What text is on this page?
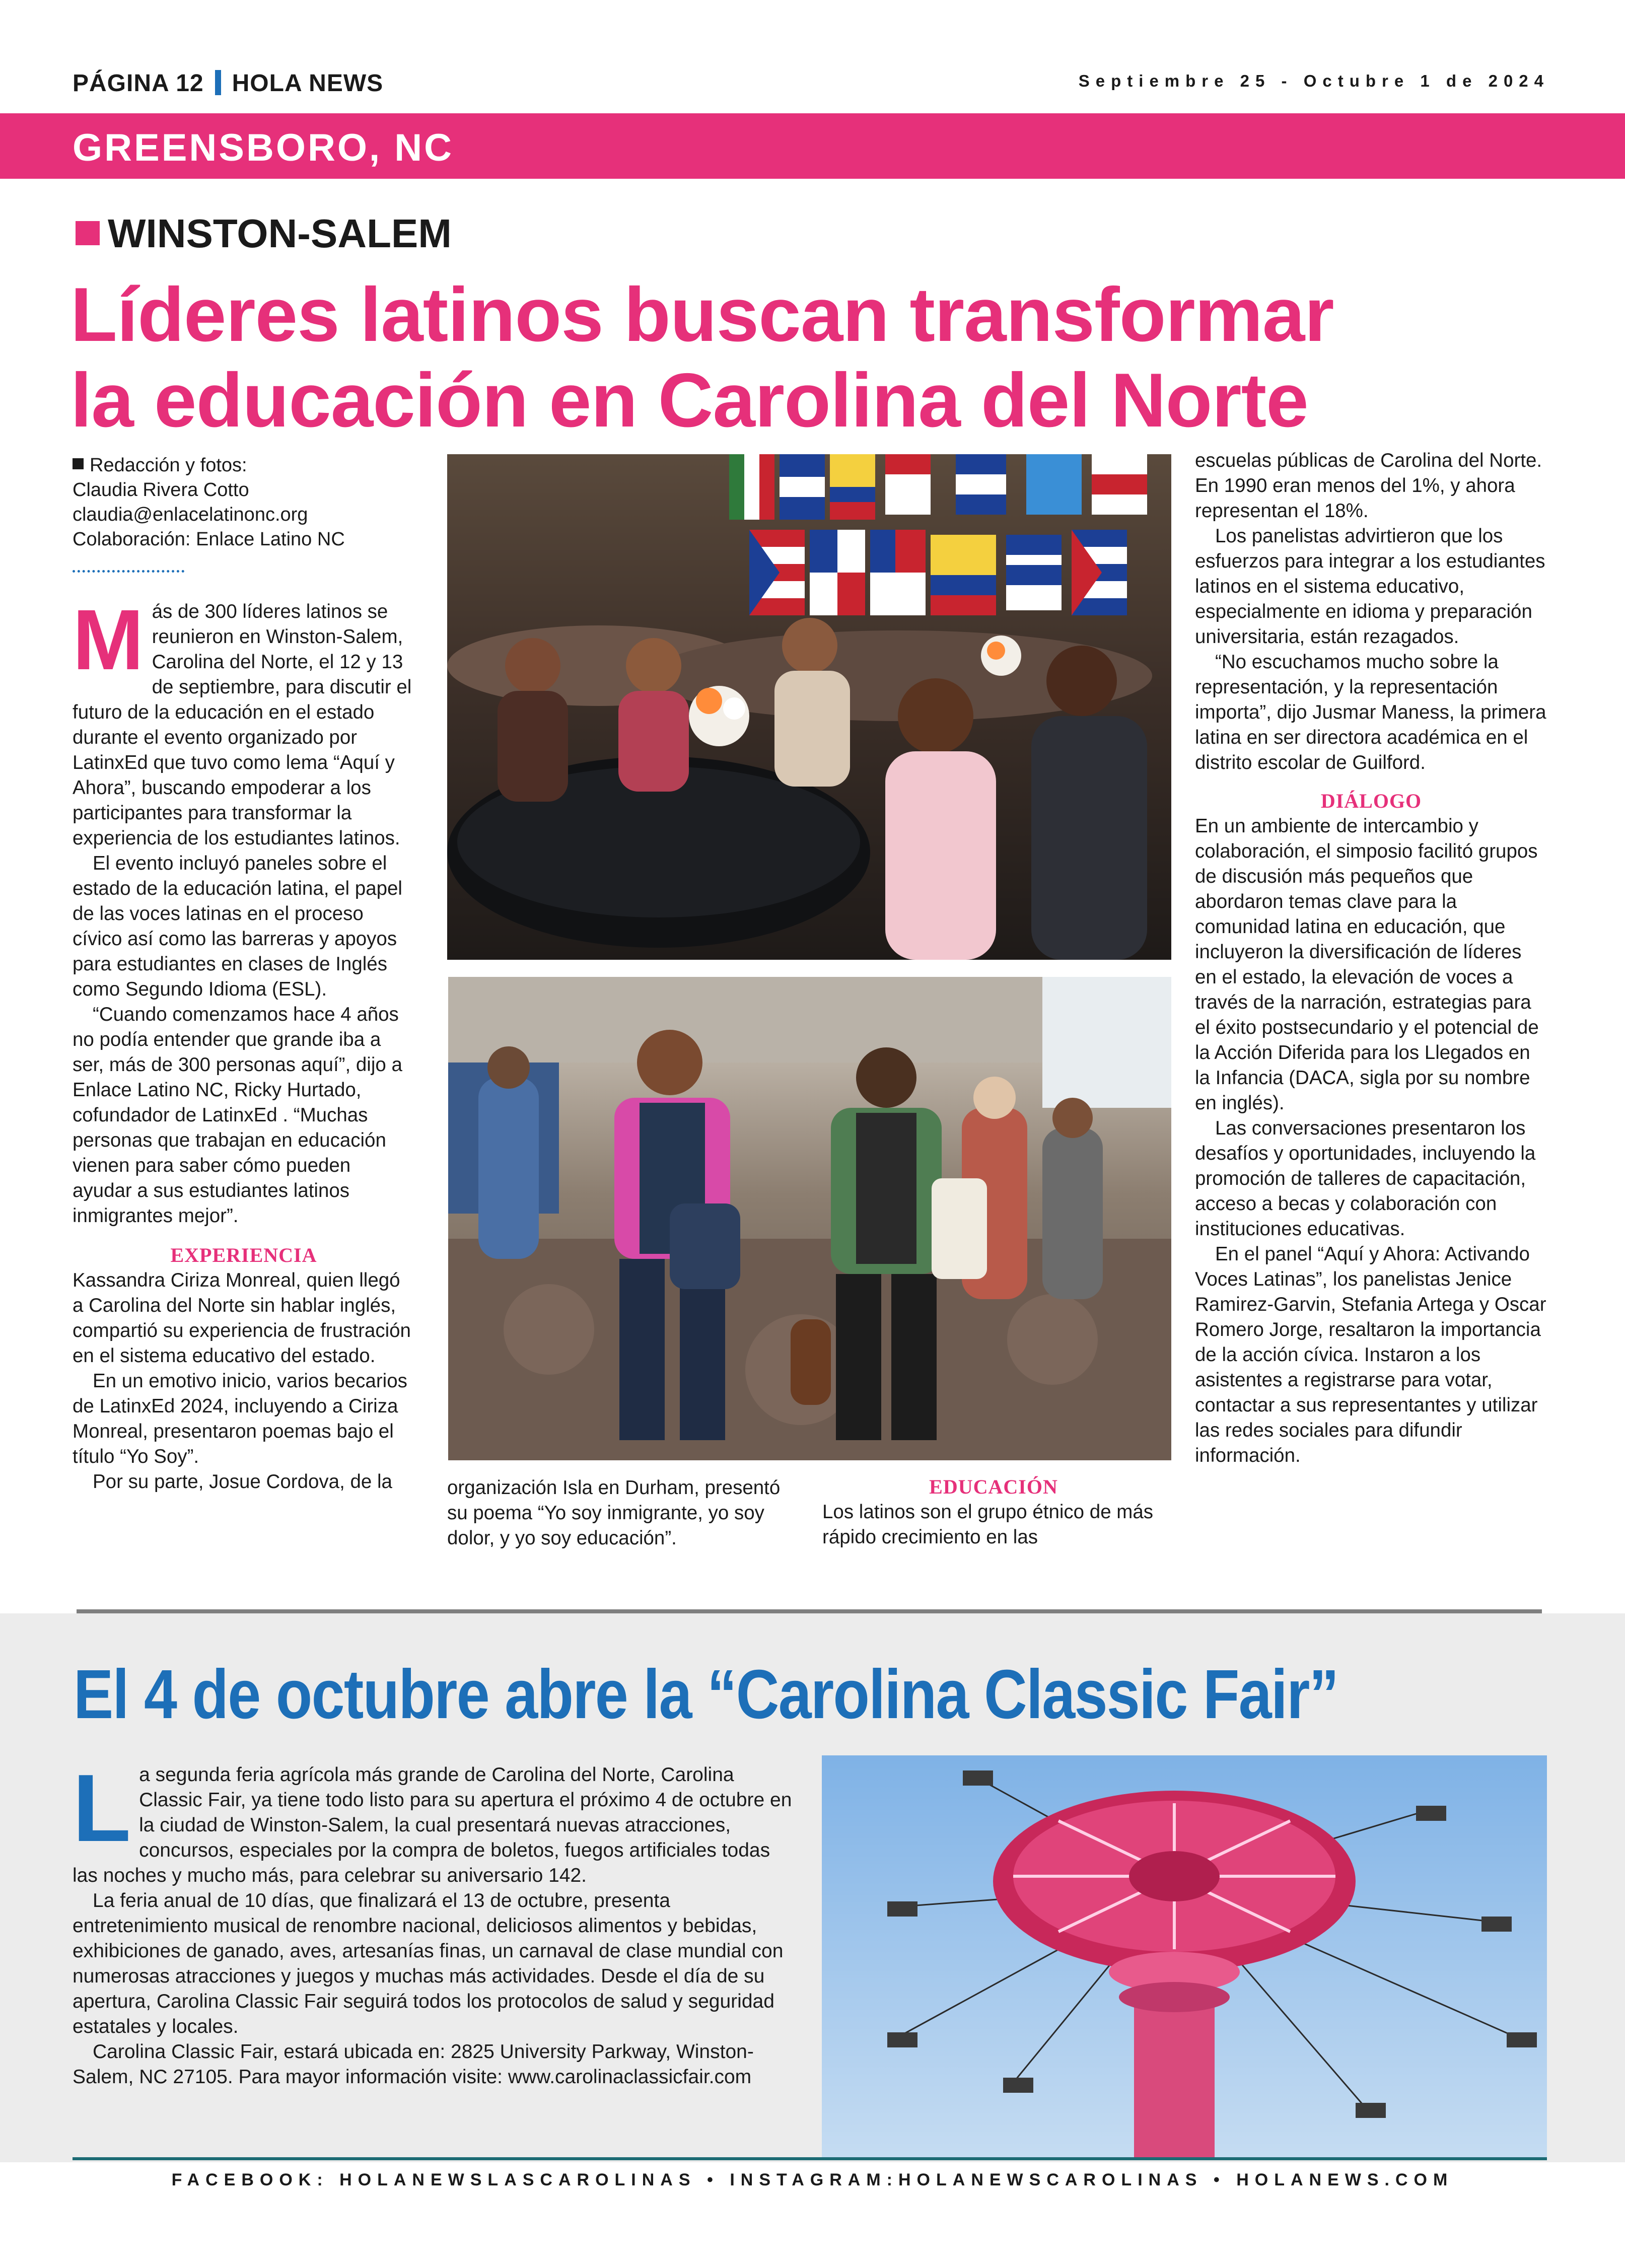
PÁGINA 12 HOLA NEWS	Septiembre 25 - Octubre 1 de 2024
GREENSBORO, NC
WINSTON-SALEM
Líderes latinos buscan transformar
la educación en Carolina del Norte
Redacción y fotos:
Claudia Rivera Cotto
claudia@enlacelatinonc.org
Colaboración: Enlace Latino NC

Más de 300 líderes latinos se reunieron en Winston-Salem, Carolina del Norte, el 12 y 13 de septiembre, para discutir el futuro de la educación en el estado durante el evento organizado por LatinxEd que tuvo como lema “Aquí y Ahora”, buscando empoderar a los participantes para transformar la experiencia de los estudiantes latinos.

El evento incluyó paneles sobre el estado de la educación latina, el papel de las voces latinas en el proceso cívico así como las barreras y apoyos para estudiantes en clases de Inglés como Segundo Idioma (ESL).

“Cuando comenzamos hace 4 años no podía entender que grande iba a ser, más de 300 personas aquí”, dijo a Enlace Latino NC, Ricky Hurtado, cofundador de LatinxEd . “Muchas personas que trabajan en educación vienen para saber cómo pueden ayudar a sus estudiantes latinos inmigrantes mejor”.

EXPERIENCIA

Kassandra Ciriza Monreal, quien llegó a Carolina del Norte sin hablar inglés, compartió su experiencia de frustración en el sistema educativo del estado.

En un emotivo inicio, varios becarios de LatinxEd 2024, incluyendo a Ciriza Monreal, presentaron poemas bajo el título “Yo Soy”.

Por su parte, Josue Cordova, de la	organización Isla en Durham, presentó su poema “Yo soy inmigrante, yo soy dolor, y yo soy educación”.

EDUCACIÓN

Los latinos son el grupo étnico de más rápido crecimiento en las

escuelas públicas de Carolina del Norte. En 1990 eran menos del 1%, y ahora representan el 18%.

Los panelistas advirtieron que los esfuerzos para integrar a los estudiantes latinos en el sistema educativo, especialmente en idioma y preparación universitaria, están rezagados.

“No escuchamos mucho sobre la representación, y la representación importa”, dijo Jusmar Maness, la primera latina en ser directora académica en el distrito escolar de Guilford.

DIÁLOGO

En un ambiente de intercambio y colaboración, el simposio facilitó grupos de discusión más pequeños que abordaron temas clave para la comunidad latina en educación, que incluyeron la diversificación de líderes en el estado, la elevación de voces a través de la narración, estrategias para el éxito postsecundario y el potencial de la Acción Diferida para los Llegados en la Infancia (DACA, sigla por su nombre en inglés).

Las conversaciones presentaron los desafíos y oportunidades, incluyendo la promoción de talleres de capacitación, acceso a becas y colaboración con instituciones educativas.

En el panel “Aquí y Ahora: Activando Voces Latinas”, los panelistas Jenice Ramirez-Garvin, Stefania Artega y Oscar Romero Jorge, resaltaron la importancia de la acción cívica. Instaron a los asistentes a registrarse para votar, contactar a sus representantes y utilizar las redes sociales para difundir información.

El 4 de octubre abre la “Carolina Classic Fair”

La segunda feria agrícola más grande de Carolina del Norte, Carolina Classic Fair, ya tiene todo listo para su apertura el próximo 4 de octubre en la ciudad de Winston-Salem, la cual presentará nuevas atracciones, concursos, especiales por la compra de boletos, fuegos artificiales todas las noches y mucho más, para celebrar su aniversario 142.

La feria anual de 10 días, que finalizará el 13 de octubre, presenta entretenimiento musical de renombre nacional, deliciosos alimentos y bebidas, exhibiciones de ganado, aves, artesanías finas, un carnaval de clase mundial con numerosas atracciones y juegos y muchas más actividades. Desde el día de su apertura, Carolina Classic Fair seguirá todos los protocolos de salud y seguridad estatales y locales.

Carolina Classic Fair, estará ubicada en: 2825 University Parkway, Winston-Salem, NC 27105. Para mayor información visite: www.carolinaclassicfair.com

FACEBOOK: HOLANEWSLASCAROLINAS • INSTAGRAM:HOLANEWSCAROLINAS • HOLANEWS.COM
